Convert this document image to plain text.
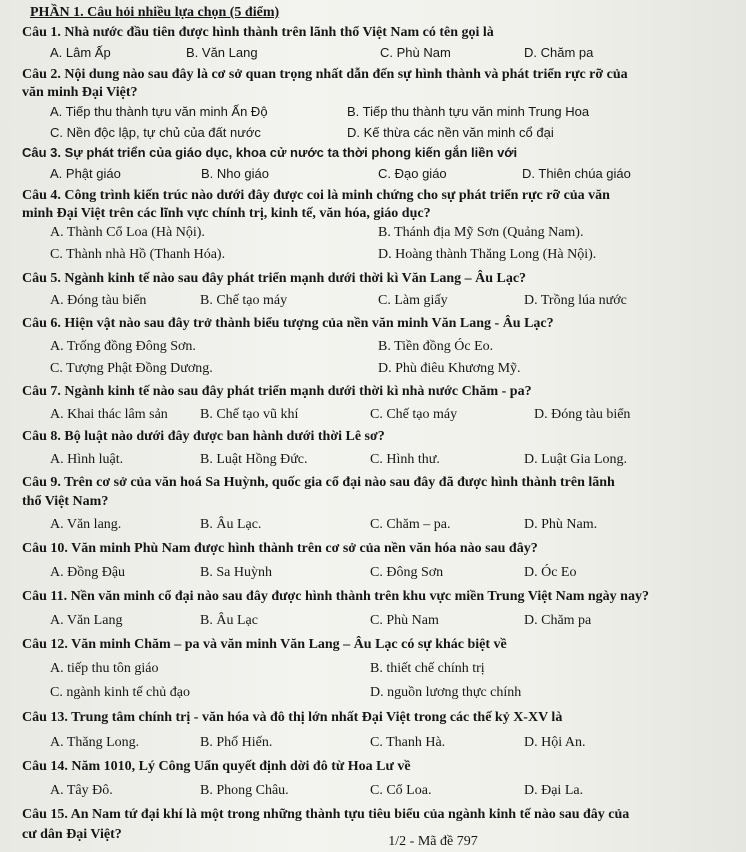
PHẦN 1. Câu hỏi nhiều lựa chọn (5 điểm)
Câu 1. Nhà nước đầu tiên được hình thành trên lãnh thổ Việt Nam có tên gọi là
A. Lâm Ấp	B. Văn Lang	C. Phù Nam	D. Chăm pa
Câu 2. Nội dung nào sau đây là cơ sở quan trọng nhất dẫn đến sự hình thành và phát triển rực rỡ của
văn minh Đại Việt?
A. Tiếp thu thành tựu văn minh Ấn Độ	B. Tiếp thu thành tựu văn minh Trung Hoa
C. Nền độc lập, tự chủ của đất nước	D. Kế thừa các nền văn minh cổ đại
Câu 3. Sự phát triển của giáo dục, khoa cử nước ta thời phong kiến gắn liền với
A. Phật giáo	B. Nho giáo	C. Đạo giáo	D. Thiên chúa giáo
Câu 4. Công trình kiến trúc nào dưới đây được coi là minh chứng cho sự phát triển rực rỡ của văn
minh Đại Việt trên các lĩnh vực chính trị, kinh tế, văn hóa, giáo dục?
A. Thành Cổ Loa (Hà Nội).	B. Thánh địa Mỹ Sơn (Quảng Nam).
C. Thành nhà Hồ (Thanh Hóa).	D. Hoàng thành Thăng Long (Hà Nội).
Câu 5. Ngành kinh tế nào sau đây phát triển mạnh dưới thời kì Văn Lang – Âu Lạc?
A. Đóng tàu biển	B. Chế tạo máy	C. Làm giấy	D. Trồng lúa nước
Câu 6. Hiện vật nào sau đây trở thành biểu tượng của nền văn minh Văn Lang - Âu Lạc?
A. Trống đồng Đông Sơn.	B. Tiền đồng Óc Eo.
C. Tượng Phật Đồng Dương.	D. Phù điêu Khương Mỹ.
Câu 7. Ngành kinh tế nào sau đây phát triển mạnh dưới thời kì nhà nước Chăm - pa?
A. Khai thác lâm sản B. Chế tạo vũ khí	C. Chế tạo máy	D. Đóng tàu biển
Câu 8. Bộ luật nào dưới đây được ban hành dưới thời Lê sơ?
A. Hình luật.	B. Luật Hồng Đức.	C. Hình thư.	D. Luật Gia Long.
Câu 9. Trên cơ sở của văn hoá Sa Huỳnh, quốc gia cổ đại nào sau đây đã được hình thành trên lãnh
thổ Việt Nam?
A. Văn lang.	B. Âu Lạc.	C. Chăm – pa.	D. Phù Nam.
Câu 10. Văn minh Phù Nam được hình thành trên cơ sở của nền văn hóa nào sau đây?
A. Đồng Đậu	B. Sa Huỳnh	C. Đông Sơn	D. Óc Eo
Câu 11. Nền văn minh cổ đại nào sau đây được hình thành trên khu vực miền Trung Việt Nam ngày nay?
A. Văn Lang	B. Âu Lạc	C. Phù Nam	D. Chăm pa
Câu 12. Văn minh Chăm – pa và văn minh Văn Lang – Âu Lạc có sự khác biệt về
A. tiếp thu tôn giáo	B. thiết chế chính trị
C. ngành kinh tế chủ đạo	D. nguồn lương thực chính
Câu 13. Trung tâm chính trị - văn hóa và đô thị lớn nhất Đại Việt trong các thế kỷ X-XV là
A. Thăng Long.	B. Phố Hiến.	C. Thanh Hà.	D. Hội An.
Câu 14. Năm 1010, Lý Công Uẩn quyết định dời đô từ Hoa Lư về
A. Tây Đô.	B. Phong Châu.	C. Cổ Loa.	D. Đại La.
Câu 15. An Nam tứ đại khí là một trong những thành tựu tiêu biểu của ngành kinh tế nào sau đây của
cư dân Đại Việt?	1/2 - Mã đề 797
